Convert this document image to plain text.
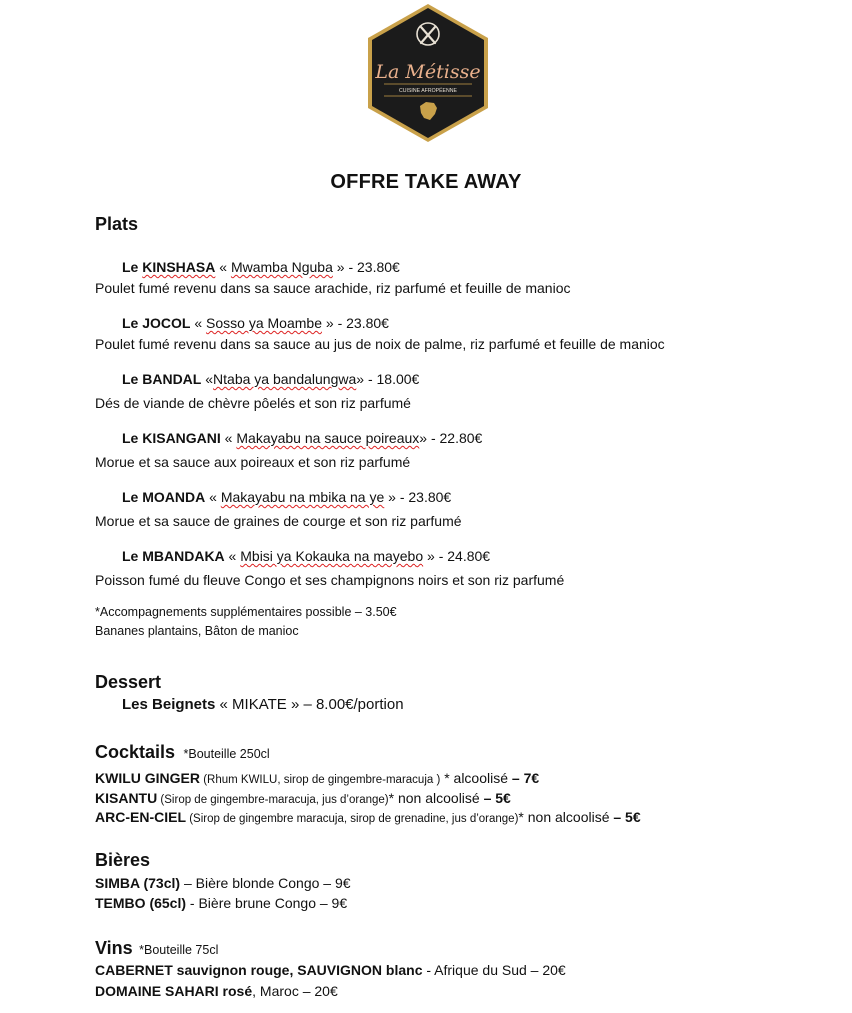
La Métisse
CUISINE AFROPÉENNE
OFFRE TAKE AWAY
Plats
Le KINSHASA « Mwamba Nguba » - 23.80€
Poulet fumé revenu dans sa sauce arachide, riz parfumé et feuille de manioc
Le JOCOL « Sosso ya Moambe » - 23.80€
Poulet fumé revenu dans sa sauce au jus de noix de palme, riz parfumé et feuille de manioc
Le BANDAL «Ntaba ya bandalungwa» - 18.00€
Dés de viande de chèvre pôelés et son riz parfumé
Le KISANGANI « Makayabu na sauce poireaux» - 22.80€
Morue et sa sauce aux poireaux et son riz parfumé
Le MOANDA « Makayabu na mbika na ye » - 23.80€
Morue et sa sauce de graines de courge et son riz parfumé
Le MBANDAKA « Mbisi ya Kokauka na mayebo » - 24.80€
Poisson fumé du fleuve Congo et ses champignons noirs et son riz parfumé
*Accompagnements supplémentaires possible – 3.50€
Bananes plantains, Bâton de manioc
Dessert
Les Beignets « MIKATE » – 8.00€/portion
Cocktails *Bouteille 250cl
KWILU GINGER (Rhum KWILU, sirop de gingembre-maracuja ) * alcoolisé – 7€
KISANTU (Sirop de gingembre-maracuja, jus d’orange)* non alcoolisé – 5€
ARC-EN-CIEL (Sirop de gingembre maracuja, sirop de grenadine, jus d’orange)* non alcoolisé – 5€
Bières
SIMBA (73cl) – Bière blonde Congo – 9€
TEMBO (65cl) - Bière brune Congo – 9€
Vins *Bouteille 75cl
CABERNET sauvignon rouge, SAUVIGNON blanc - Afrique du Sud – 20€
DOMAINE SAHARI rosé, Maroc – 20€
